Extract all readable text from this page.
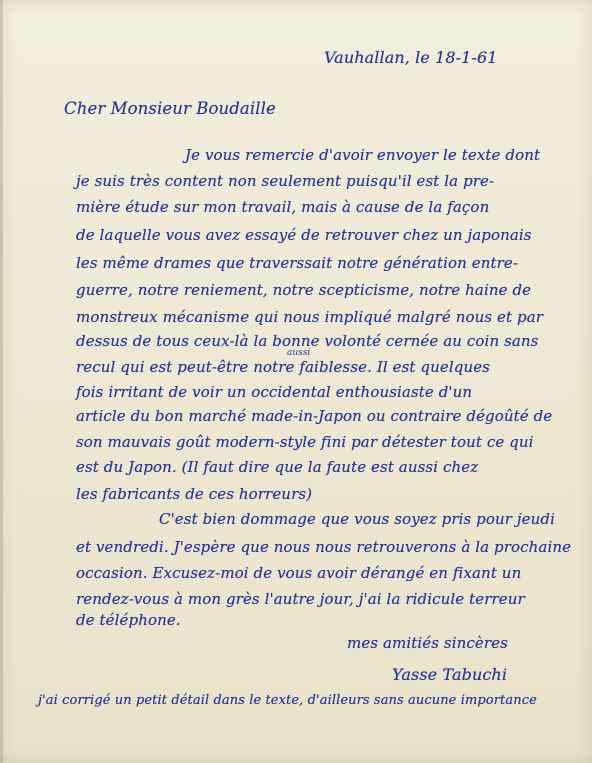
Vauhallan, le 18-1-61
Cher Monsieur Boudaille
Je vous remercie d'avoir envoyer le texte dont
je suis très content non seulement puisqu'il est la pre-
mière étude sur mon travail, mais à cause de la façon
de laquelle vous avez essayé de retrouver chez un japonais
les même drames que traverssait notre génération entre-
guerre, notre reniement, notre scepticisme, notre haine de
monstreux mécanisme qui nous impliqué malgré nous et par
dessus de tous ceux-là la bonne volonté cernée au coin sans
aussi
recul qui est peut-être notre faiblesse. Il est quelques
fois irritant de voir un occidental enthousiaste d'un
article du bon marché made-in-Japon ou contraire dégoûté de
son mauvais goût modern-style fini par détester tout ce qui
est du Japon. (Il faut dire que la faute est aussi chez
les fabricants de ces horreurs)
C'est bien dommage que vous soyez pris pour jeudi
et vendredi. J'espère que nous nous retrouverons à la prochaine
occasion. Excusez-moi de vous avoir dérangé en fixant un
rendez-vous à mon grès l'autre jour, j'ai la ridicule terreur
de téléphone.
mes amitiés sincères
Yasse Tabuchi
j'ai corrigé un petit détail dans le texte, d'ailleurs sans aucune importance
